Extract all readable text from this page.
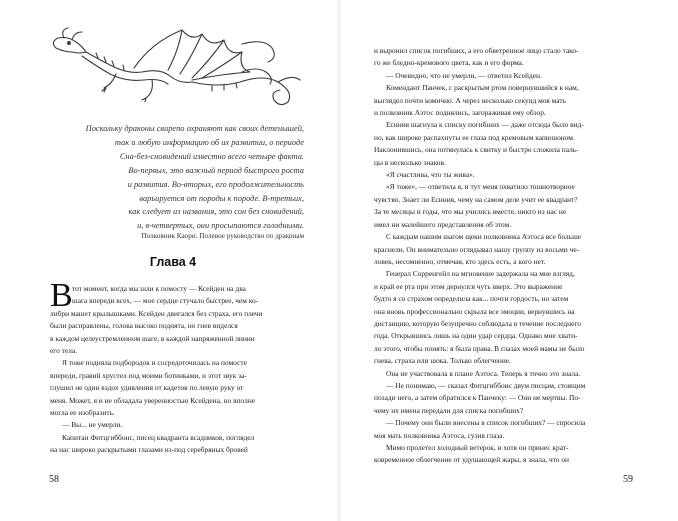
Поскольку драконы свирепо охраняют как своих детенышей,
так и любую информацию об их развитии, о периоде
Сна-без-сновидений известно всего четыре факта.
Во-первых, это важный период быстрого роста
и развития. Во-вторых, его продолжительность
варьируется от породы к породе. В-третьих,
как следует из названия, это сон без сновидений,
и, в-четвертых, они просыпаются голодными.
Полковник Каори. Полевое руководство по драконам
Глава 4
В тот момент, когда мы шли к помосту — Ксейден на два
шага впереди всех, — мое сердце стучало быстрее, чем ко-
либри машет крылышками. Ксейден двигался без страха, его плечи
были расправлены, голова высоко поднята, но гнев виделся
в каждом целеустремленном шаге, в каждой напряженной линии
его тела.
Я тоже подняла подбородок и сосредоточилась на помосте
впереди, гравий хрустел под моими ботинками, и этот звук за-
глушил не один вздох удивления от кадетов по левую руку от
меня. Может, я и не обладала уверенностью Ксейдена, но вполне
могла ее изобразить.
— Вы... не умерли.
Капитан Фитцгиббонс, писец квадранта всадников, поглядел
на нас широко раскрытыми глазами из-под серебряных бровей
58
и выронил список погибших, а его обветренное лицо стало тако-
го же бледно-кремового цвета, как и его форма.
— Очевидно, что не умерли, — ответил Ксейден.
Комендант Панчек, с раскрытым ртом повернувшийся к нам,
выглядел почти комично. А через несколько секунд моя мать
и полковник Аэтос поднялись, загораживая ему обзор.
Есиния шагнула к списку погибших — даже отсюда было вид-
но, как широко распахнуты ее глаза под кремовым капюшоном.
Наклонившись, она потянулась к свитку и быстро сложила паль-
цы в несколько знаков.
«Я счастлива, что ты жива».
«Я тоже», — ответила я, и тут меня охватило тошнотворное
чувство. Знает ли Есиния, чему на самом деле учит ее квадрант?
За те месяцы и годы, что мы учились вместе, никто из нас не
имел ни малейшего представления об этом.
С каждым нашим шагом щеки полковника Аэтоса все больше
краснели. Он внимательно оглядывал нашу группу из восьми че-
ловек, несомненно, отмечая, кто здесь есть, а кого нет.
Генерал Сорренгейл на мгновение задержала на мне взгляд,
и край ее рта при этом дернулся чуть вверх. Это выражение
будто я со страхом определила как... почти гордость, но затем
она вновь профессионально скрыла все эмоции, вернувшись на
дистанцию, которую безупречно соблюдала в течение последнего
года. Открывшись лишь на один удар сердца. Однако мне хвати-
ло этого, чтобы понять: я была права. В глазах моей мамы не было
гнева, страха или шока. Только облегчение.
Она не участвовала в плане Аэтоса. Теперь я точно это знала.
— Не понимаю, — сказал Фитцгиббонс двум писцам, стоящим
позади него, а затем обратился к Панчеку: — Они не мертвы. По-
чему их имена передали для списка погибших?
— Почему они были внесены в список погибших? — спросила
моя мать полковника Аэтоса, сузив глаза.
Мимо пролетел холодный ветерок, и хотя он принес крат-
ковременное облегчение от удушающей жары, я знала, что он
59
